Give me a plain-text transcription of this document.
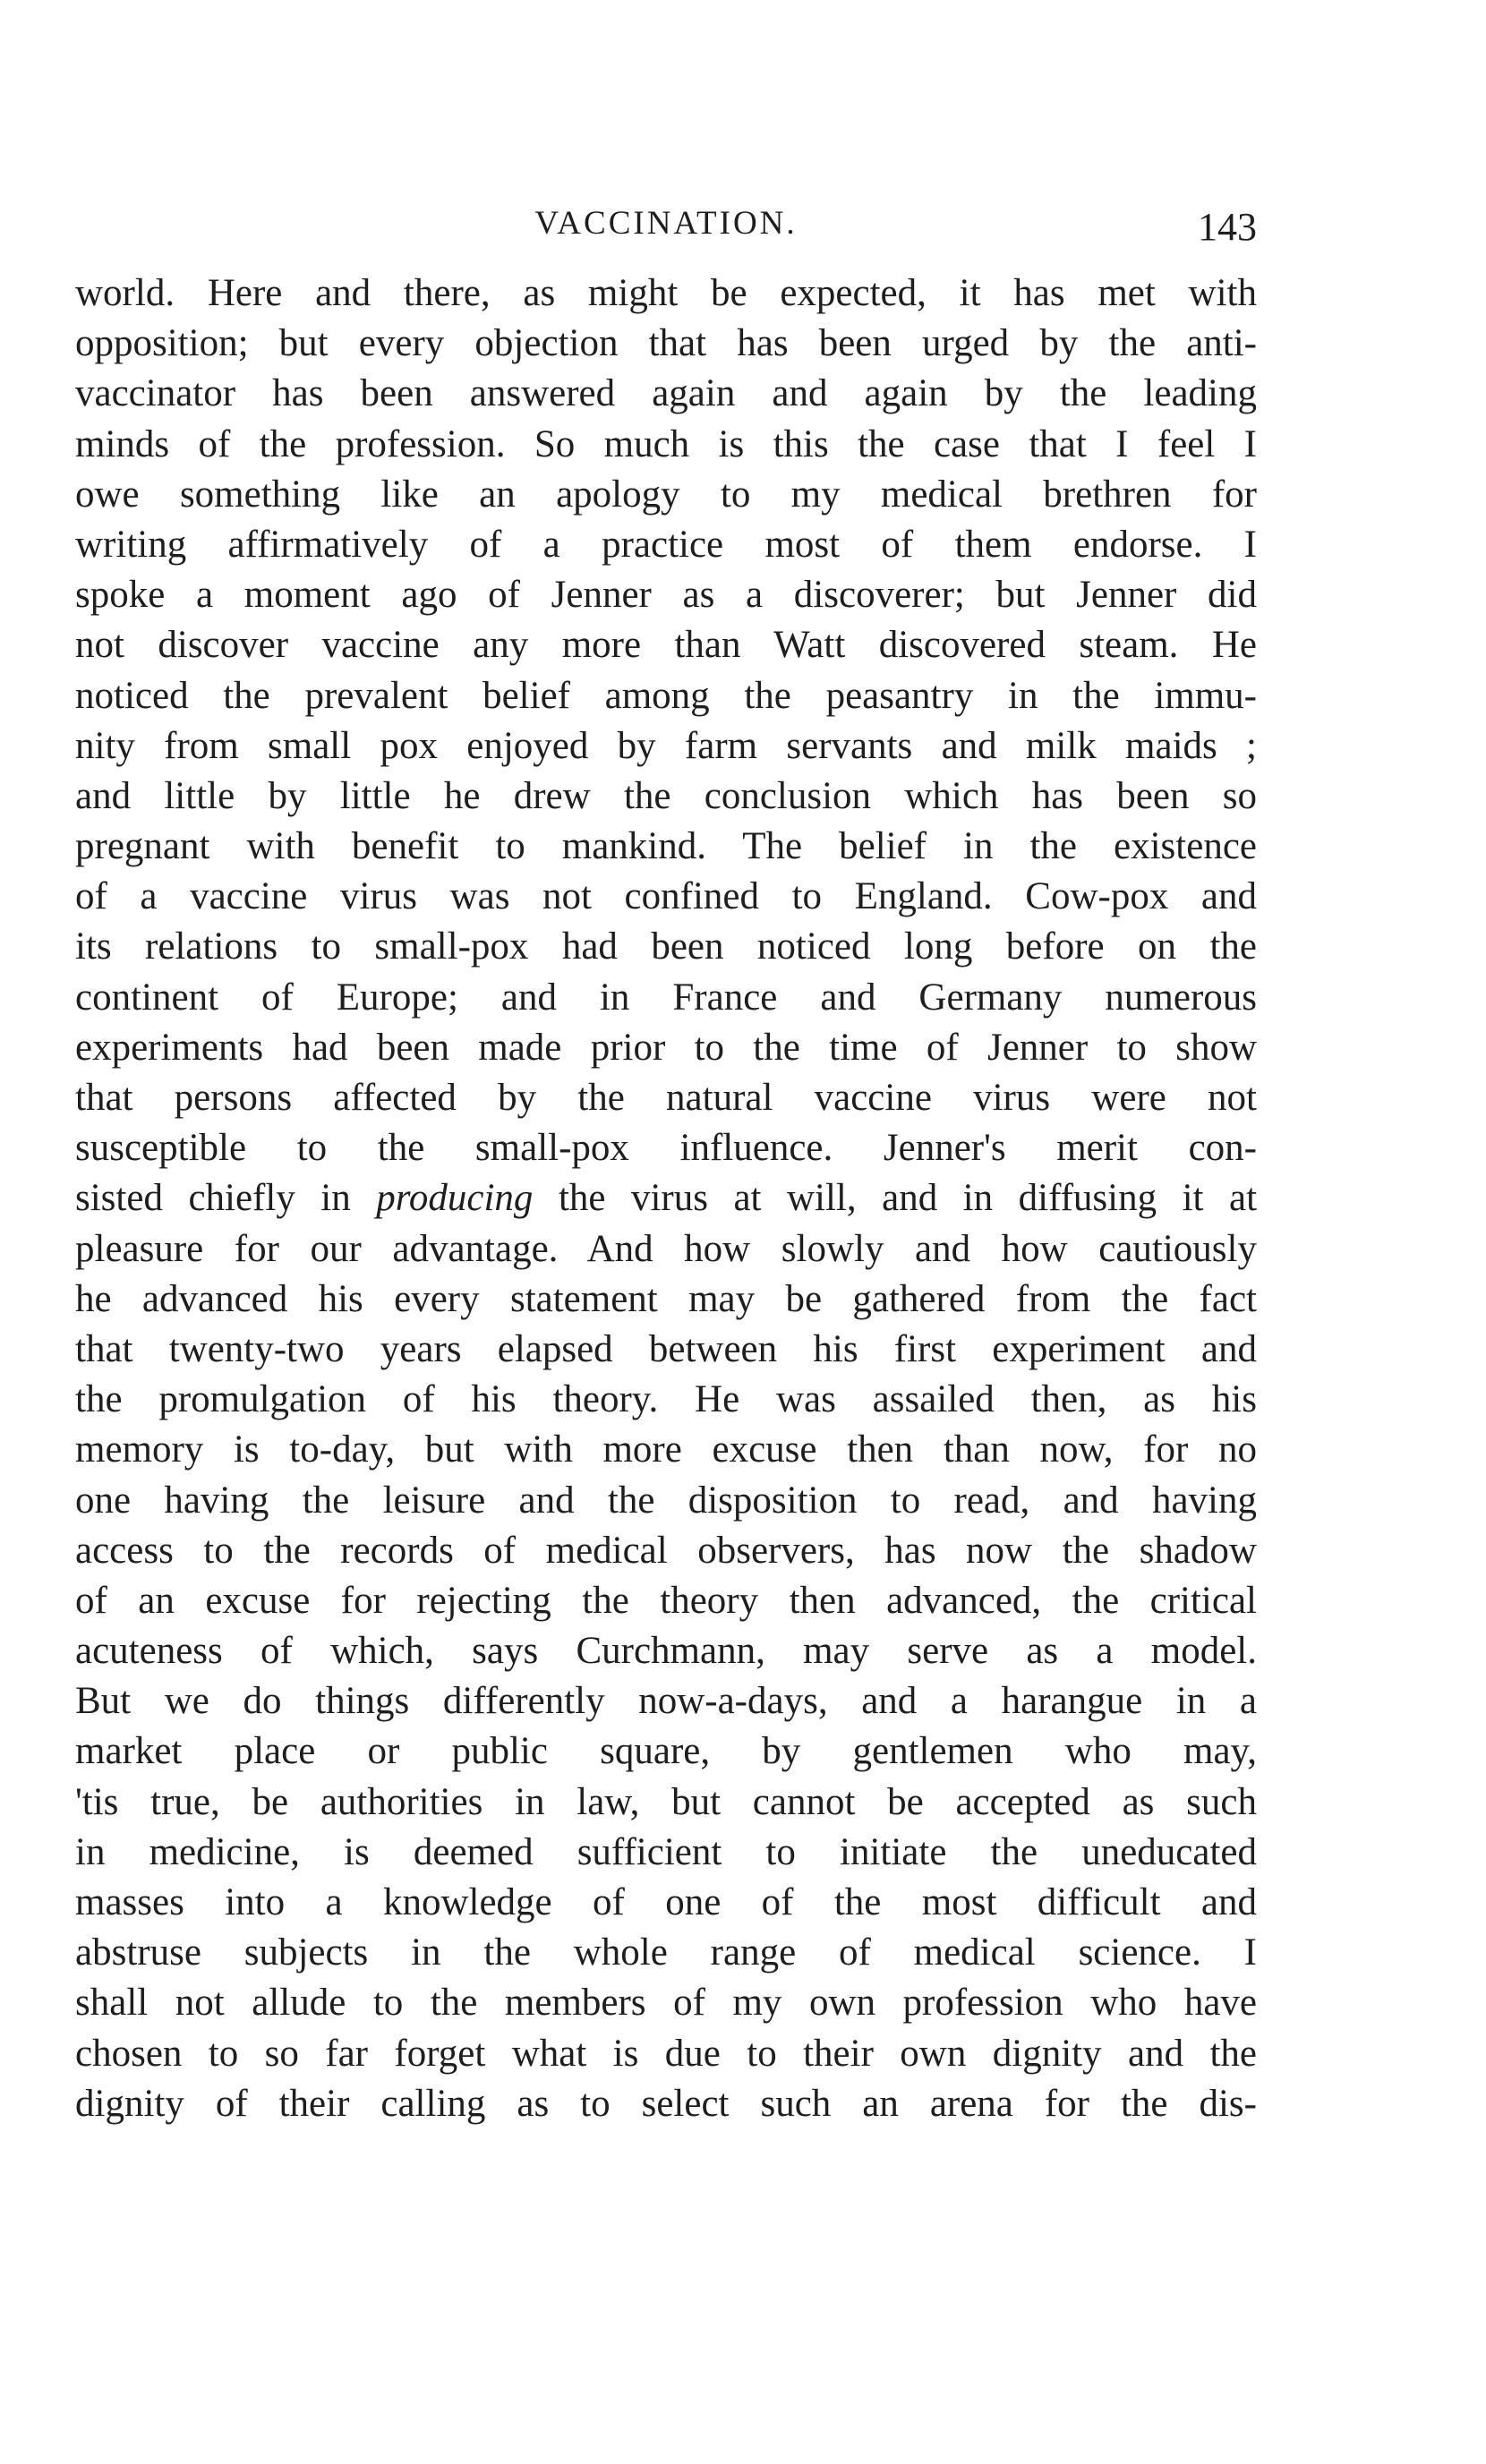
VACCINATION.	143
world. Here and there, as might be expected, it has met with
opposition; but every objection that has been urged by the anti-
vaccinator has been answered again and again by the leading
minds of the profession. So much is this the case that I feel I
owe something like an apology to my medical brethren for
writing affirmatively of a practice most of them endorse. I
spoke a moment ago of Jenner as a discoverer; but Jenner did
not discover vaccine any more than Watt discovered steam. He
noticed the prevalent belief among the peasantry in the immu-
nity from small pox enjoyed by farm servants and milk maids ;
and little by little he drew the conclusion which has been so
pregnant with benefit to mankind. The belief in the existence
of a vaccine virus was not confined to England. Cow-pox and
its relations to small-pox had been noticed long before on the
continent of Europe; and in France and Germany numerous
experiments had been made prior to the time of Jenner to show
that persons affected by the natural vaccine virus were not
susceptible to the small-pox influence. Jenner's merit con-
sisted chiefly in producing the virus at will, and in diffusing it at
pleasure for our advantage. And how slowly and how cautiously
he advanced his every statement may be gathered from the fact
that twenty-two years elapsed between his first experiment and
the promulgation of his theory. He was assailed then, as his
memory is to-day, but with more excuse then than now, for no
one having the leisure and the disposition to read, and having
access to the records of medical observers, has now the shadow
of an excuse for rejecting the theory then advanced, the critical
acuteness of which, says Curchmann, may serve as a model.
But we do things differently now-a-days, and a harangue in a
market place or public square, by gentlemen who may,
'tis true, be authorities in law, but cannot be accepted as such
in medicine, is deemed sufficient to initiate the uneducated
masses into a knowledge of one of the most difficult and
abstruse subjects in the whole range of medical science. I
shall not allude to the members of my own profession who have
chosen to so far forget what is due to their own dignity and the
dignity of their calling as to select such an arena for the dis-
